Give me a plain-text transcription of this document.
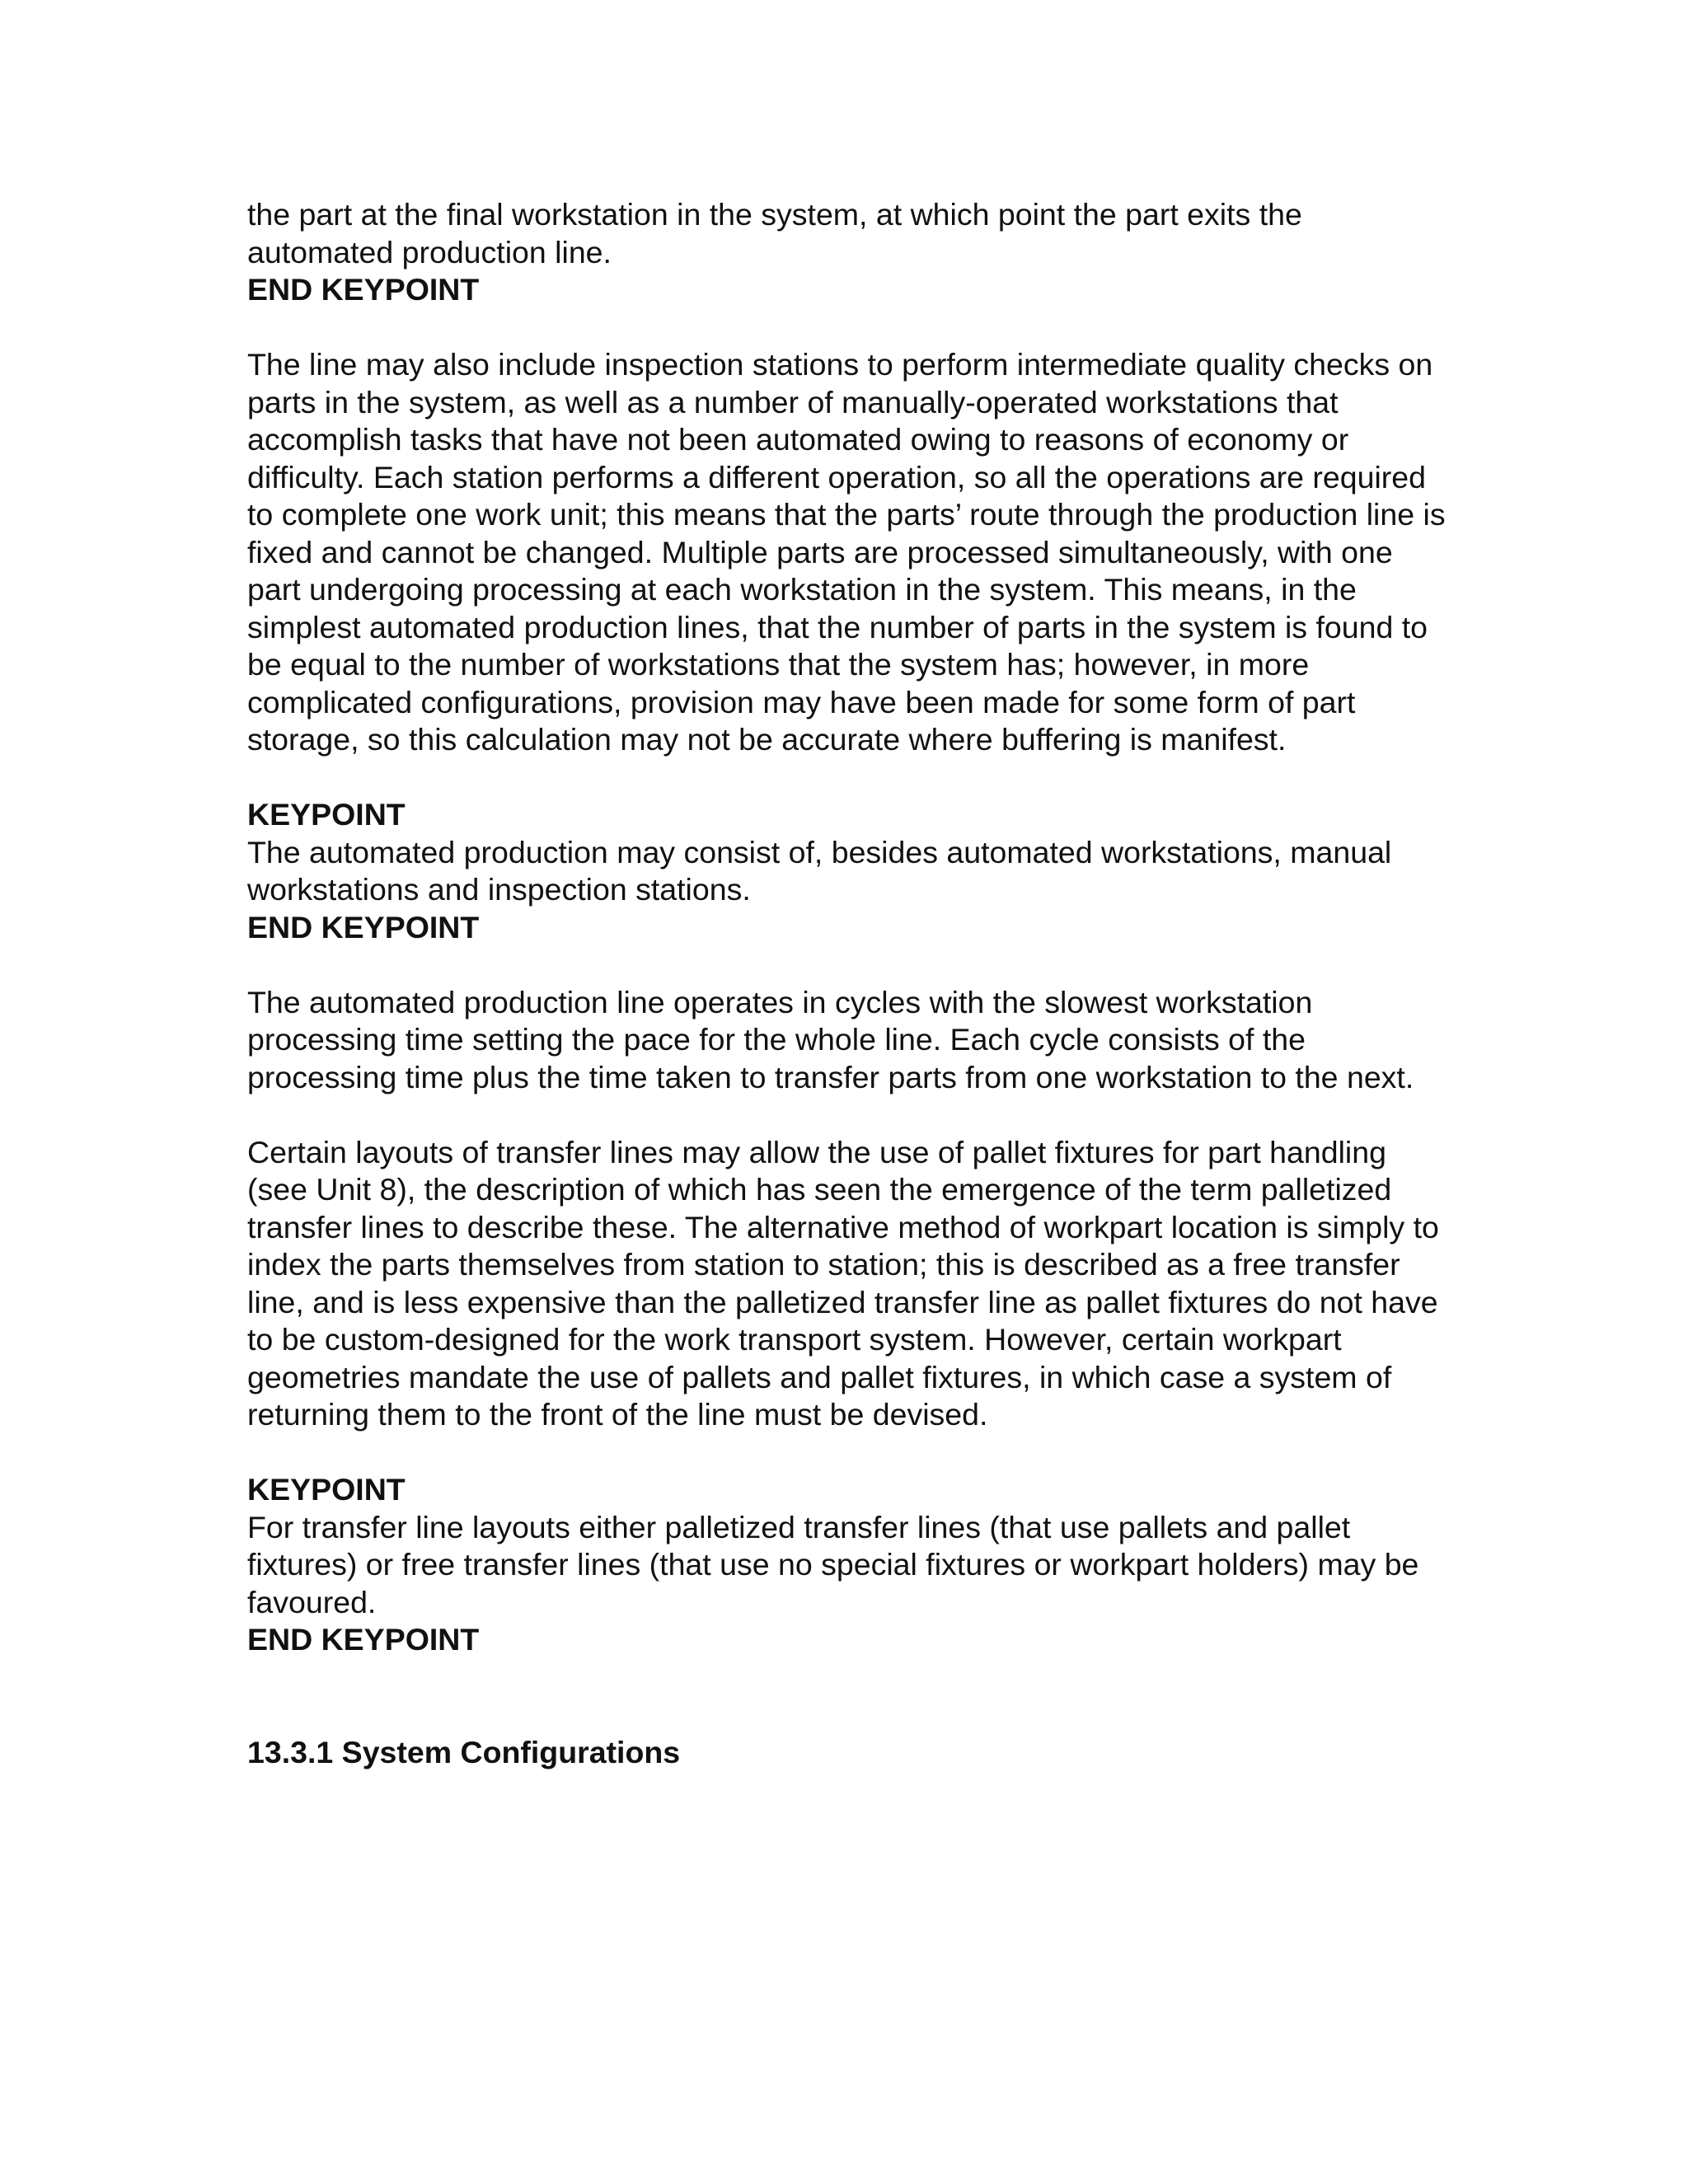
the part at the final workstation in the system, at which point the part exits the automated production line.

END KEYPOINT

The line may also include inspection stations to perform intermediate quality checks on parts in the system, as well as a number of manually-operated workstations that accomplish tasks that have not been automated owing to reasons of economy or difficulty. Each station performs a different operation, so all the operations are required to complete one work unit; this means that the parts’ route through the production line is fixed and cannot be changed. Multiple parts are processed simultaneously, with one part undergoing processing at each workstation in the system. This means, in the simplest automated production lines, that the number of parts in the system is found to be equal to the number of workstations that the system has; however, in more complicated configurations, provision may have been made for some form of part storage, so this calculation may not be accurate where buffering is manifest.

KEYPOINT

The automated production may consist of, besides automated workstations, manual workstations and inspection stations.

END KEYPOINT

The automated production line operates in cycles with the slowest workstation processing time setting the pace for the whole line. Each cycle consists of the processing time plus the time taken to transfer parts from one workstation to the next.

Certain layouts of transfer lines may allow the use of pallet fixtures for part handling (see Unit 8), the description of which has seen the emergence of the term palletized transfer lines to describe these. The alternative method of workpart location is simply to index the parts themselves from station to station; this is described as a free transfer line, and is less expensive than the palletized transfer line as pallet fixtures do not have to be custom-designed for the work transport system. However, certain workpart geometries mandate the use of pallets and pallet fixtures, in which case a system of returning them to the front of the line must be devised.

KEYPOINT

For transfer line layouts either palletized transfer lines (that use pallets and pallet fixtures) or free transfer lines (that use no special fixtures or workpart holders) may be favoured.

END KEYPOINT

13.3.1 System Configurations
